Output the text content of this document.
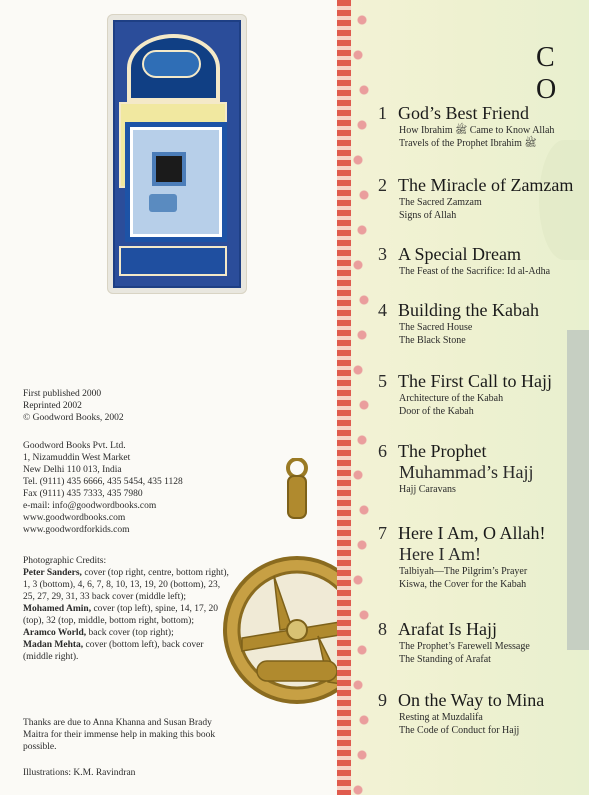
First published 2000
Reprinted 2002
© Goodword Books, 2002
Goodword Books Pvt. Ltd.
1, Nizamuddin West Market
New Delhi 110 013, India
Tel. (9111) 435 6666, 435 5454, 435 1128
Fax (9111) 435 7333, 435 7980
e-mail: info@goodwordbooks.com
www.goodwordbooks.com
www.goodwordforkids.com
Photographic Credits:
Peter Sanders, cover (top right, centre, bottom right), 1, 3 (bottom), 4, 6, 7, 8, 10, 13, 19, 20 (bottom), 23, 25, 27, 29, 31, 33 back cover (middle left);
Mohamed Amin, cover (top left), spine, 14, 17, 20 (top), 32 (top, middle, bottom right, bottom);
Aramco World, back cover (top right);
Madan Mehta, cover (bottom left), back cover (middle right).
Thanks are due to Anna Khanna and Susan Brady Maitra for their immense help in making this book possible.
Illustrations: K.M. Ravindran
C O
1 God’s Best Friend
How Ibrahim ﷺ Came to Know Allah
Travels of the Prophet Ibrahim ﷺ
2 The Miracle of Zamzam
The Sacred Zamzam
Signs of Allah
3 A Special Dream
The Feast of the Sacrifice: Id al-Adha
4 Building the Kabah
The Sacred House
The Black Stone
5 The First Call to Hajj
Architecture of the Kabah
Door of the Kabah
6 The Prophet
Muhammad’s Hajj
Hajj Caravans
7 Here I Am, O Allah!
Here I Am!
Talbiyah—The Pilgrim’s Prayer
Kiswa, the Cover for the Kabah
8 Arafat Is Hajj
The Prophet’s Farewell Message
The Standing of Arafat
9 On the Way to Mina
Resting at Muzdalifa
The Code of Conduct for Hajj
